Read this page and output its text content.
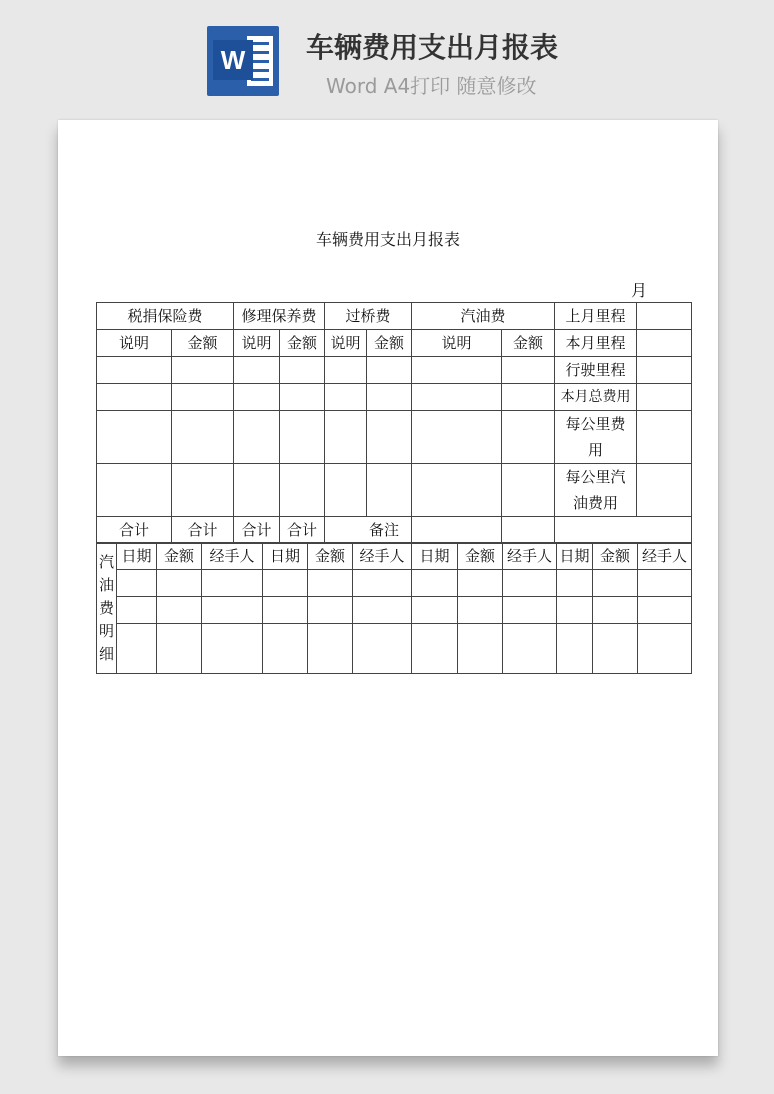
W 车辆费用支出月报表
Word A4打印 随意修改
车辆费用支出月报表
月
税捐保险费		修理保养费		过桥费		汽油费		上月里程	
说明	金额	说明	金额	说明	金额	说明	金额	本月里程	
								行驶里程	
								本月总费用	
								每公里费用	
								每公里汽油费用	
合计	合计	合计	合计	备注					
汽
油
费
明
细	日期	金额	经手人	日期	金额	经手人	日期	金额	经手人	日期	金额	经手人
